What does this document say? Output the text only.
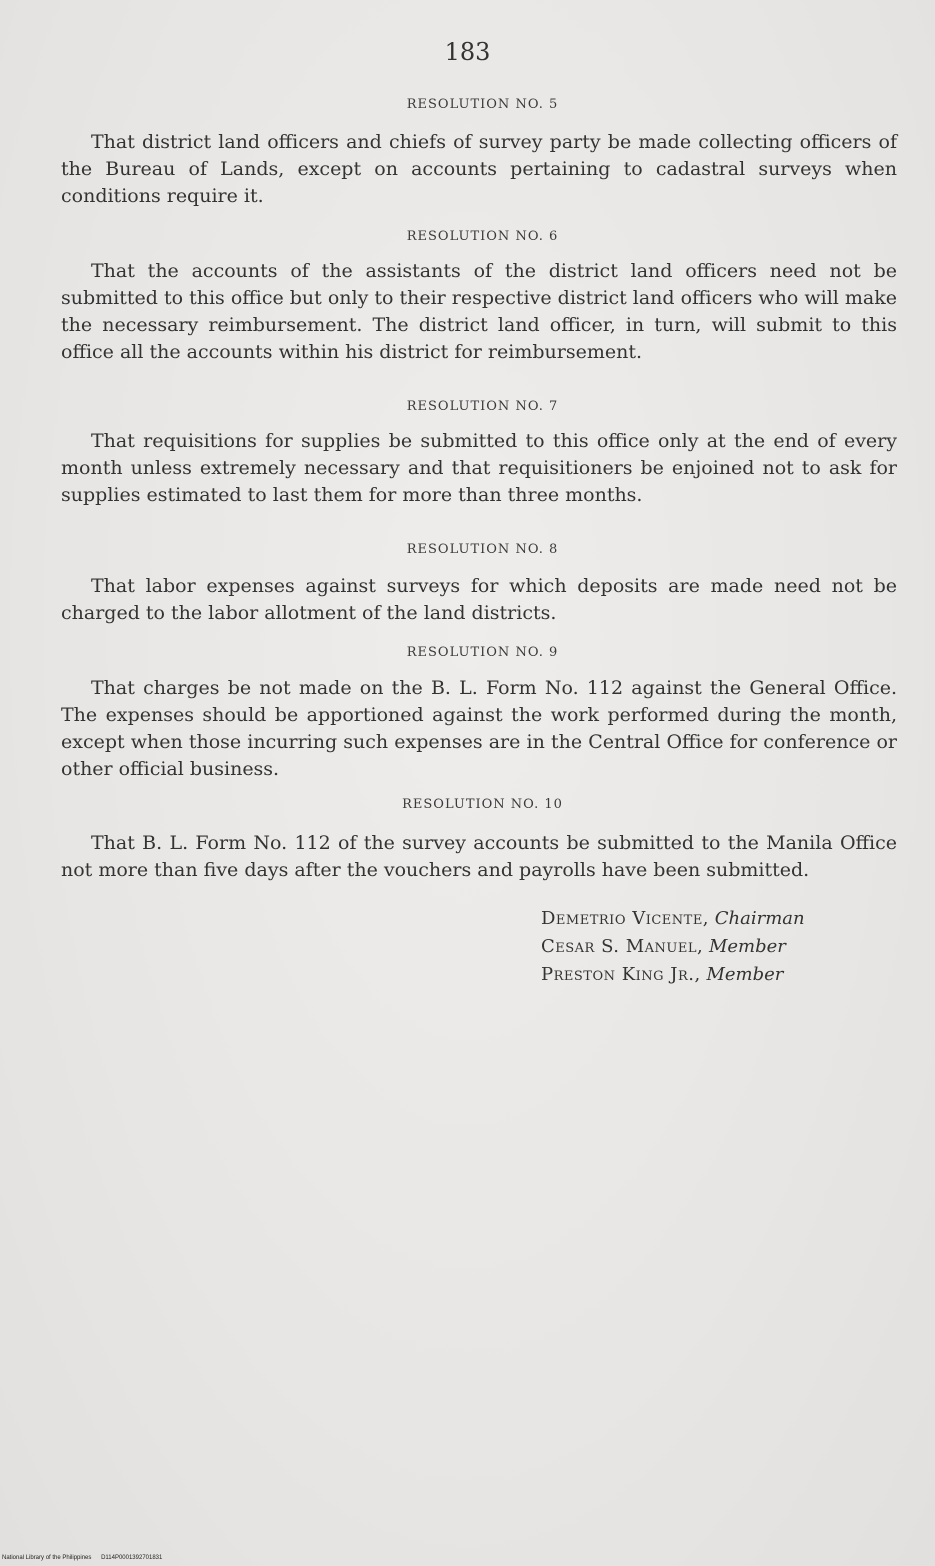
183
RESOLUTION NO. 5
That district land officers and chiefs of survey party be made collecting officers of the Bureau of Lands, except on accounts pertaining to cadastral surveys when conditions require it.
RESOLUTION NO. 6
That the accounts of the assistants of the district land officers need not be submitted to this office but only to their respective district land officers who will make the necessary reimbursement. The district land officer, in turn, will submit to this office all the accounts within his district for reimbursement.
RESOLUTION NO. 7
That requisitions for supplies be submitted to this office only at the end of every month unless extremely necessary and that requisitioners be enjoined not to ask for supplies estimated to last them for more than three months.
RESOLUTION NO. 8
That labor expenses against surveys for which deposits are made need not be charged to the labor allotment of the land districts.
RESOLUTION NO. 9
That charges be not made on the B. L. Form No. 112 against the General Office. The expenses should be apportioned against the work performed during the month, except when those incurring such expenses are in the Central Office for conference or other official business.
RESOLUTION NO. 10
That B. L. Form No. 112 of the survey accounts be submitted to the Manila Office not more than five days after the vouchers and payrolls have been submitted.
Demetrio Vicente, Chairman
Cesar S. Manuel, Member
Preston King Jr., Member
National Library of the Philippines D114P0001392701831
